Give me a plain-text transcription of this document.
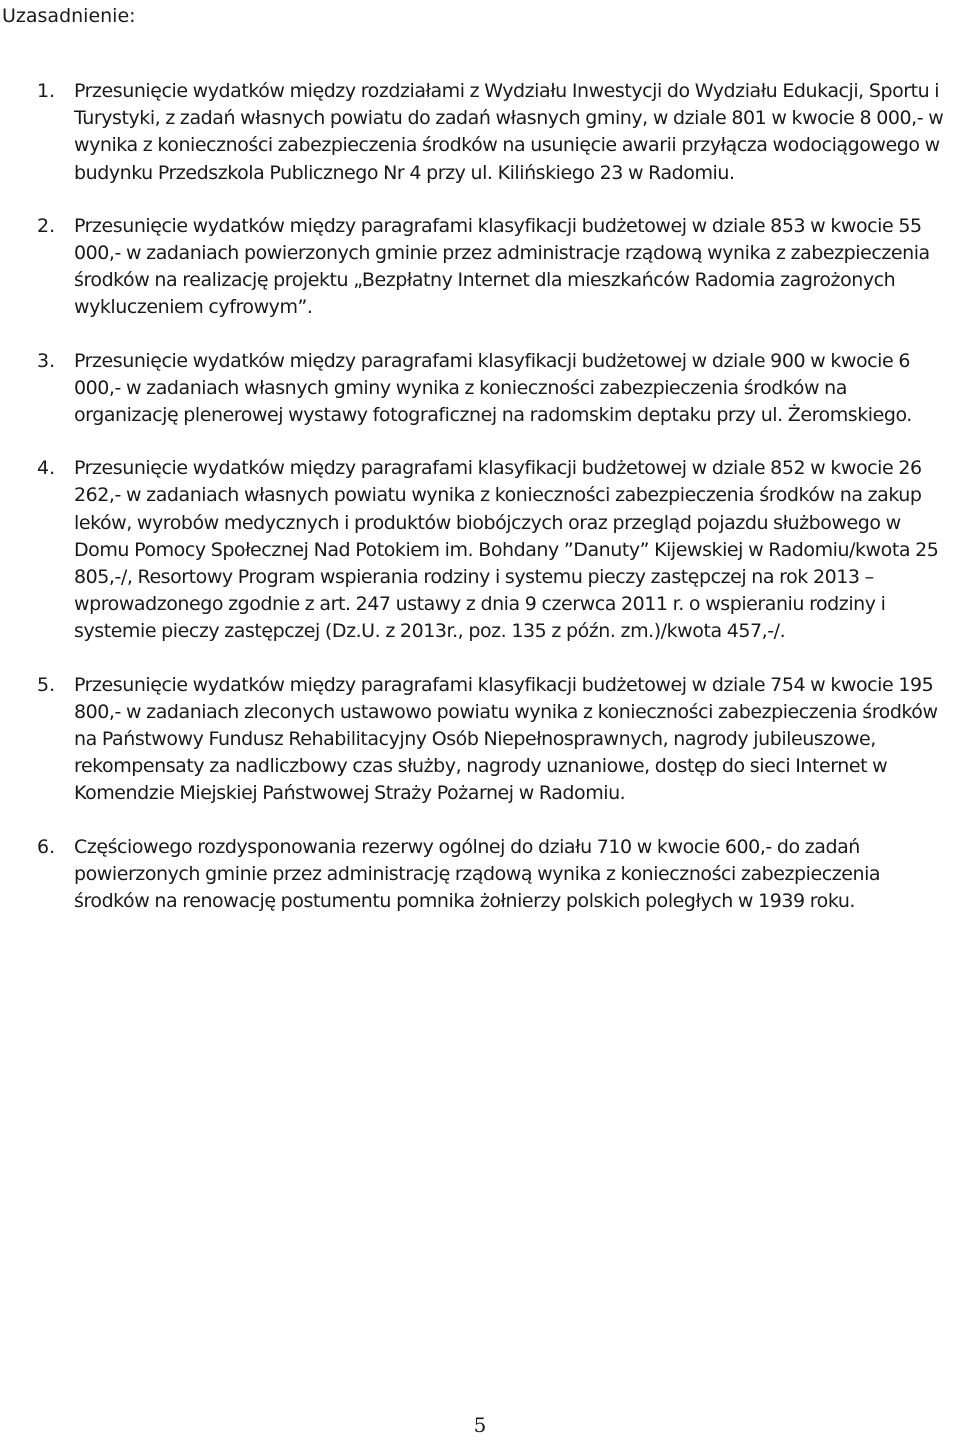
Uzasadnienie:
1. Przesunięcie wydatków między rozdziałami z Wydziału Inwestycji do Wydziału Edukacji, Sportu i Turystyki, z zadań własnych powiatu do zadań własnych gminy, w dziale 801 w kwocie 8 000,- w wynika z konieczności zabezpieczenia środków na usunięcie awarii przyłącza wodociągowego w budynku Przedszkola Publicznego Nr 4 przy ul. Kilińskiego 23 w Radomiu.
2. Przesunięcie wydatków między paragrafami klasyfikacji budżetowej w dziale 853 w kwocie 55 000,- w zadaniach powierzonych gminie przez administracje rządową wynika z zabezpieczenia środków na realizację projektu „Bezpłatny Internet dla mieszkańców Radomia zagrożonych wykluczeniem cyfrowym”.
3. Przesunięcie wydatków między paragrafami klasyfikacji budżetowej w dziale 900 w kwocie 6 000,- w zadaniach własnych gminy wynika z konieczności zabezpieczenia środków na organizację plenerowej wystawy fotograficznej na radomskim deptaku przy ul. Żeromskiego.
4. Przesunięcie wydatków między paragrafami klasyfikacji budżetowej w dziale 852 w kwocie 26 262,- w zadaniach własnych powiatu wynika z konieczności zabezpieczenia środków na zakup leków, wyrobów medycznych i produktów biobójczych oraz przegląd pojazdu służbowego w Domu Pomocy Społecznej Nad Potokiem im. Bohdany ”Danuty” Kijewskiej w Radomiu/kwota 25 805,-/, Resortowy Program wspierania rodziny i systemu pieczy zastępczej na rok 2013 – wprowadzonego zgodnie z art. 247 ustawy z dnia 9 czerwca 2011 r. o wspieraniu rodziny i systemie pieczy zastępczej (Dz.U. z 2013r., poz. 135 z późn. zm.)/kwota 457,-/.
5. Przesunięcie wydatków między paragrafami klasyfikacji budżetowej w dziale 754 w kwocie 195 800,- w zadaniach zleconych ustawowo powiatu wynika z konieczności zabezpieczenia środków na Państwowy Fundusz Rehabilitacyjny Osób Niepełnosprawnych, nagrody jubileuszowe, rekompensaty za nadliczbowy czas służby, nagrody uznaniowe, dostęp do sieci Internet w Komendzie Miejskiej Państwowej Straży Pożarnej w Radomiu.
6. Częściowego rozdysponowania rezerwy ogólnej do działu 710 w kwocie 600,- do zadań powierzonych gminie przez administrację rządową wynika z konieczności zabezpieczenia środków na renowację postumentu pomnika żołnierzy polskich poległych w 1939 roku.
5
